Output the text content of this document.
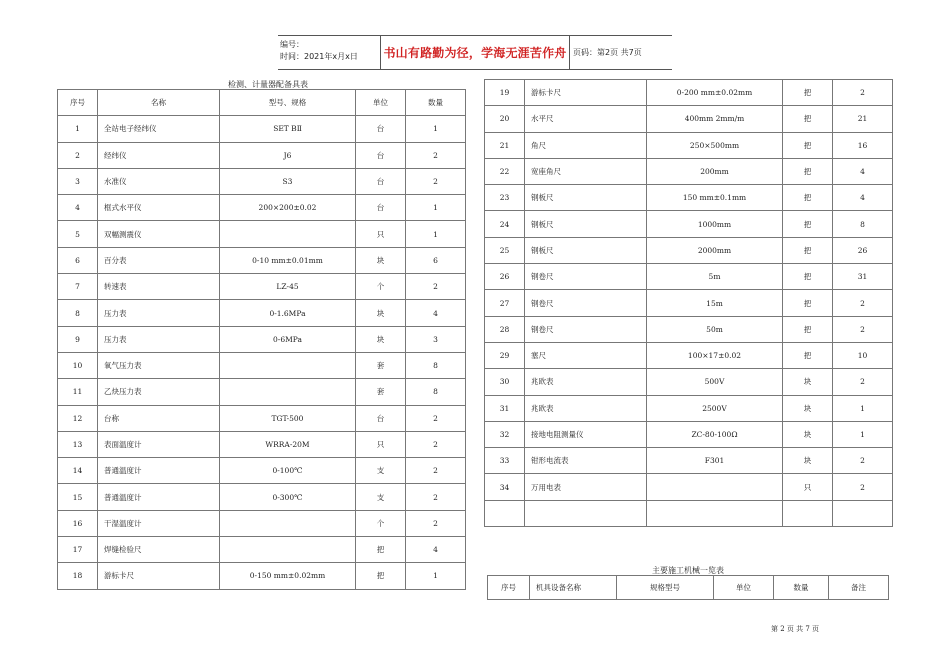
编号：
时间：2021年x月x日	书山有路勤为径，学海无涯苦作舟 页码：第2页 共7页
检测、计量器配备具表
序号	名称	型号、规格	单位	数量
1	全站电子经纬仪	SET BⅡ	台	1
2	经纬仪	J6	台	2
3	水准仪	S3	台	2
4	框式水平仪	200×200±0.02	台	1
5	双幅测震仪		只	1
6	百分表	0-10 mm±0.01mm	块	6
7	转速表	LZ-45	个	2
8	压力表	0-1.6MPa	块	4
9	压力表	0-6MPa	块	3
10	氧气压力表		套	8
11	乙炔压力表		套	8
12	台称	TGT-500	台	2
13	表面温度计	WRRA-20M	只	2
14	普通温度计	0-100℃	支	2
15	普通温度计	0-300℃	支	2
16	干湿温度计		个	2
17	焊缝检验尺		把	4
18	游标卡尺	0-150 mm±0.02mm	把	1
19	游标卡尺	0-200 mm±0.02mm	把	2
20	水平尺	400mm 2mm/m	把	21
21	角尺	250×500mm	把	16
22	宽座角尺	200mm	把	4
23	钢板尺	150 mm±0.1mm	把	4
24	钢板尺	1000mm	把	8
25	钢板尺	2000mm	把	26
26	钢卷尺	5m	把	31
27	钢卷尺	15m	把	2
28	钢卷尺	50m	把	2
29	塞尺	100×17±0.02	把	10
30	兆欧表	500V	块	2
31	兆欧表	2500V	块	1
32	接地电阻测量仪	ZC-80-100Ω	块	1
33	钳形电流表	F301	块	2
34	万用电表		只	2

主要施工机械一览表
序号	机具设备名称	规格型号	单位	数量	备注
第 2 页 共 7 页
